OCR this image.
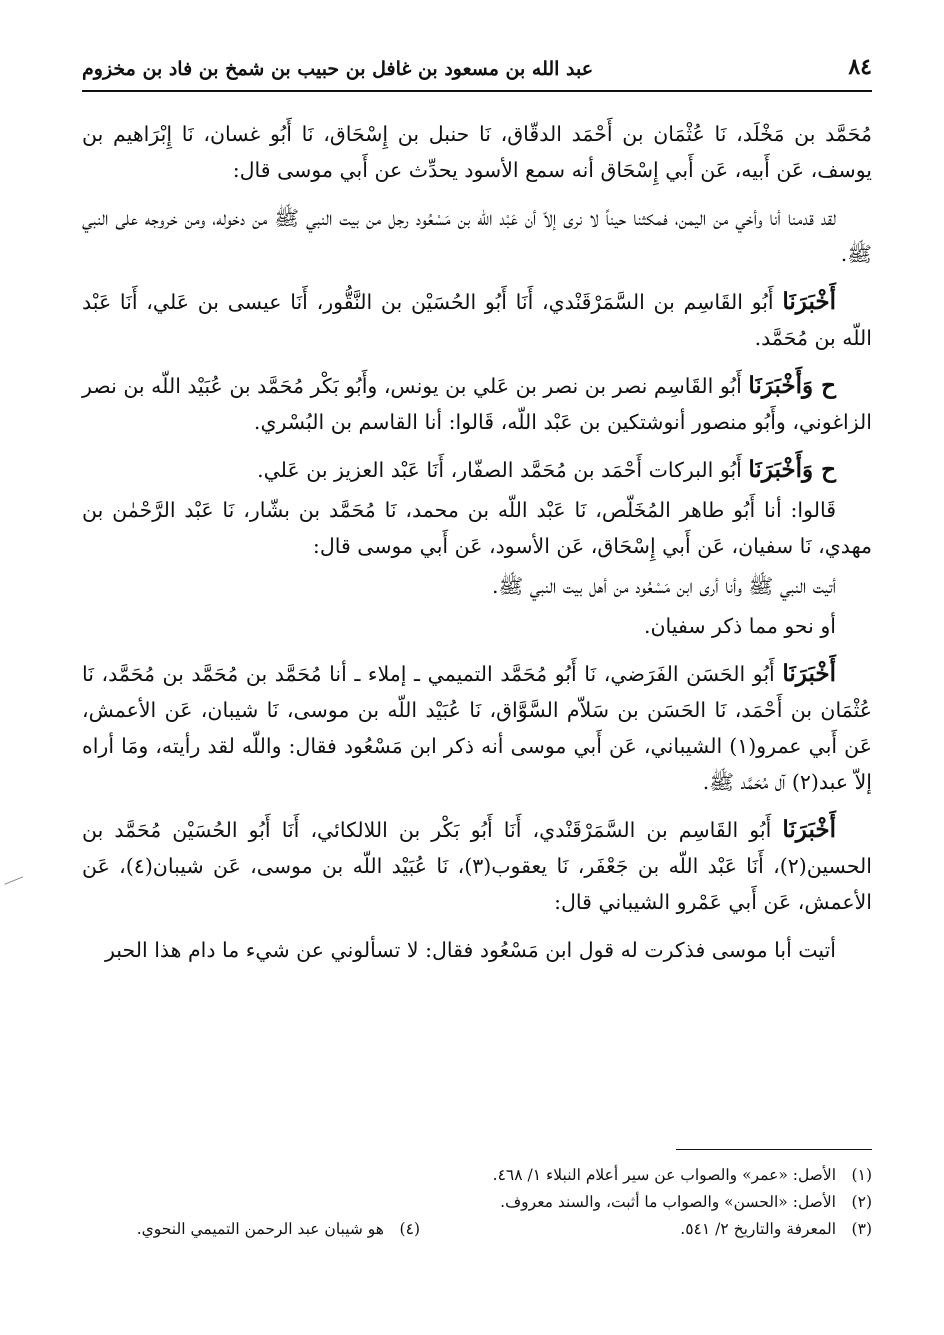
٨٤
عبد الله بن مسعود بن غافل بن حبيب بن شمخ بن فاد بن مخزوم

مُحَمَّد بن مَخْلَد، نَا عُثْمَان بن أَحْمَد الدقّاق، نَا حنبل بن إِسْحَاق، نَا أَبُو غسان، نَا إِبْرَاهيم بن يوسف، عَن أَبيه، عَن أَبي إِسْحَاق أنه سمع الأسود يحدِّث عن أَبي موسى قال:

لقد قدمنا أنا وأخي من اليمن، فمكثنا حيناً لا نرى إلاّ أن عَبْد اللّه بن مَسْعُود رجل من بيت النبي ﷺ من دخوله، ومن خروجه على النبي ﷺ.

أَخْبَرَنَا أَبُو القَاسِم بن السَّمَرْقَنْدي، أَنَا أَبُو الحُسَيْن بن النَّقُّور، أَنَا عيسى بن عَلي، أَنَا عَبْد اللّه بن مُحَمَّد.

ح وَأَخْبَرَنَا أَبُو القَاسِم نصر بن نصر بن عَلي بن يونس، وأَبُو بَكْر مُحَمَّد بن عُبَيْد اللّه بن نصر الزاغوني، وأَبُو منصور أنوشتكين بن عَبْد اللّه، قَالوا: أنا القاسم بن البُسْري.

ح وَأَخْبَرَنَا أَبُو البركات أَحْمَد بن مُحَمَّد الصفّار، أَنَا عَبْد العزيز بن عَلي.

قَالوا: أنا أَبُو طاهر المُخَلّص، نَا عَبْد اللّه بن محمد، نَا مُحَمَّد بن بشّار، نَا عَبْد الرَّحْمٰن بن مهدي، نَا سفيان، عَن أَبي إِسْحَاق، عَن الأسود، عَن أَبي موسى قال:

أتيت النبي ﷺ وأنا أرى ابن مَسْعُود من أهل بيت النبي ﷺ.

أو نحو مما ذكر سفيان.

أَخْبَرَنَا أَبُو الحَسَن الفَرَضي، نَا أَبُو مُحَمَّد التميمي ـ إملاء ـ أنا مُحَمَّد بن مُحَمَّد بن مُحَمَّد، نَا عُثْمَان بن أَحْمَد، نَا الحَسَن بن سَلاّم السَّوَّاق، نَا عُبَيْد اللّه بن موسى، نَا شيبان، عَن الأعمش، عَن أَبي عمرو(١) الشيباني، عَن أَبي موسى أنه ذكر ابن مَسْعُود فقال: واللّه لقد رأيته، ومَا أراه إلاّ عبد(٢) آل مُحَمَّد ﷺ.

أَخْبَرَنَا أَبُو القَاسِم بن السَّمَرْقَنْدي، أَنَا أَبُو بَكْر بن اللالكائي، أَنَا أَبُو الحُسَيْن مُحَمَّد بن الحسين(٢)، أَنَا عَبْد اللّه بن جَعْفَر، نَا يعقوب(٣)، نَا عُبَيْد اللّه بن موسى، عَن شيبان(٤)، عَن الأعمش، عَن أَبي عَمْرو الشيباني قال:

أتيت أبا موسى فذكرت له قول ابن مَسْعُود فقال: لا تسألوني عن شيء ما دام هذا الحبر

(١)الأصل: «عمر» والصواب عن سير أعلام النبلاء ١/ ٤٦٨.
(٢)الأصل: «الحسن» والصواب ما أثبت، والسند معروف.
(٣)المعرفة والتاريخ ٢/ ٥٤١.
(٤)هو شيبان عبد الرحمن التميمي النحوي.
